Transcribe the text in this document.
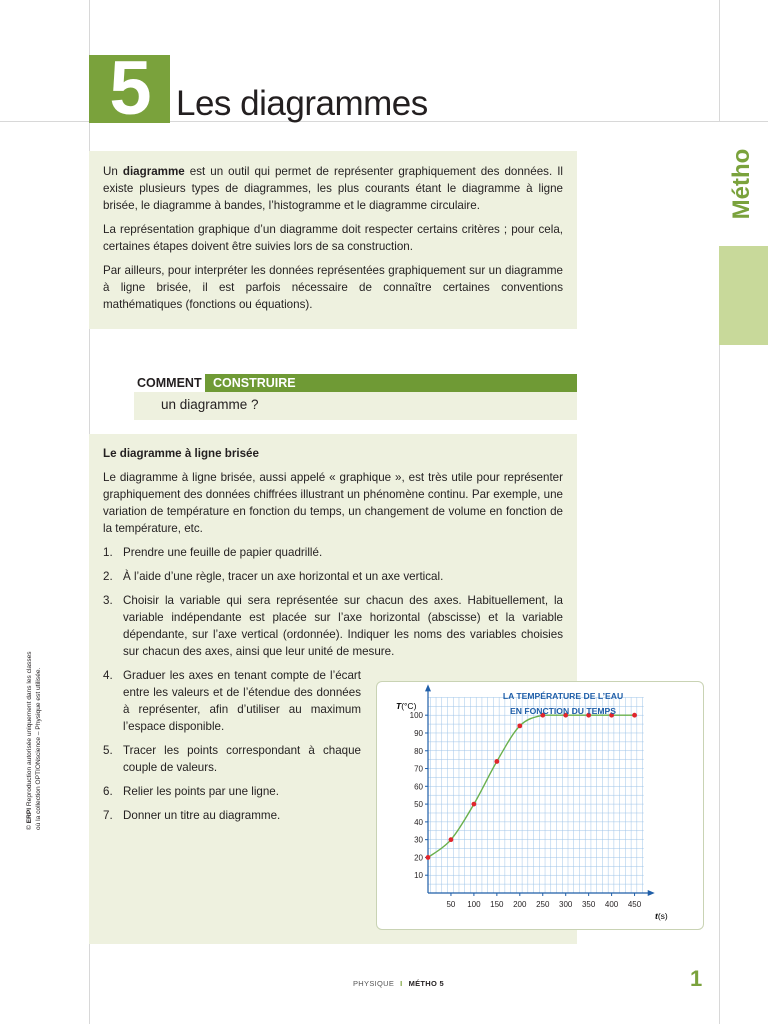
5 Les diagrammes
Métho

Un diagramme est un outil qui permet de représenter graphiquement des données. Il existe plusieurs types de diagrammes, les plus courants étant le diagramme à ligne brisée, le diagramme à bandes, l’histogramme et le diagramme circulaire.

La représentation graphique d’un diagramme doit respecter certains critères ; pour cela, certaines étapes doivent être suivies lors de sa construction.

Par ailleurs, pour interpréter les données représentées graphiquement sur un diagramme à ligne brisée, il est parfois nécessaire de connaître certaines conventions mathématiques (fonctions ou équations).

COMMENT CONSTRUIRE
un diagramme ?
Le diagramme à ligne brisée

Le diagramme à ligne brisée, aussi appelé « graphique », est très utile pour représenter graphiquement des données chiffrées illustrant un phénomène continu. Par exemple, une variation de température en fonction du temps, un changement de volume en fonction de la température, etc.

1. Prendre une feuille de papier quadrillé.
2. À l’aide d’une règle, tracer un axe horizontal et un axe vertical.
3. Choisir la variable qui sera représentée sur chacun des axes. Habituellement, la variable indépendante est placée sur l’axe horizontal (abscisse) et la variable dépendante, sur l’axe vertical (ordonnée). Indiquer les noms des variables choisies sur chacun des axes, ainsi que leur unité de mesure.
4. Graduer les axes en tenant compte de l’écart entre les valeurs et de l’étendue des données à représenter, afin d’utiliser au maximum l’espace disponible.
5. Tracer les points correspondant à chaque couple de valeurs.
6. Relier les points par une ligne.
7. Donner un titre au diagramme.
50 100 150 200 250 300 350 400 450
10
20
30
40
50
60
70
80
90
100
LA TEMPÉRATURE DE L’EAU
EN FONCTION DU TEMPS
T(°C)
t(s)
© ERPI Reproduction autorisée uniquement dans les classes où la collection OPTIONscience – Physique est utilisée.
PHYSIQUE I MÉTHO 5	1
